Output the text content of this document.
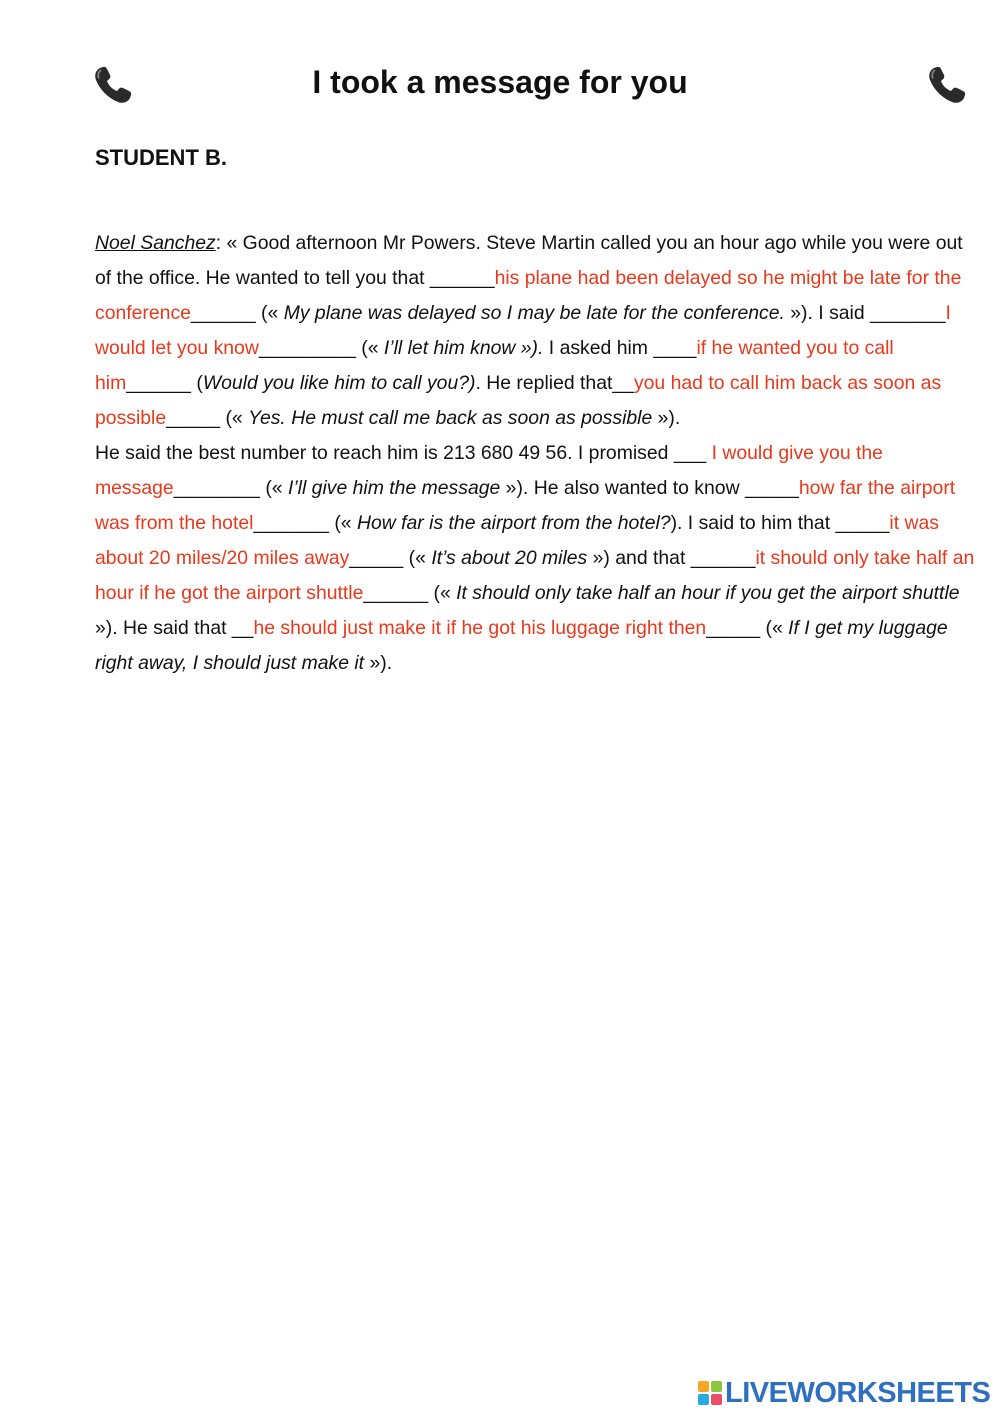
I took a message for you
STUDENT B.

Noel Sanchez: « Good afternoon Mr Powers. Steve Martin called you an hour ago while you were out of the office. He wanted to tell you that ______his plane had been delayed so he might be late for the conference______ (« My plane was delayed so I may be late for the conference. »). I said _______I would let you know_________ (« I’ll let him know »). I asked him ____if he wanted you to call him______ (Would you like him to call you?). He replied that__you had to call him back as soon as possible_____ (« Yes. He must call me back as soon as possible »).
He said the best number to reach him is 213 680 49 56. I promised ___ I would give you the message________ (« I’ll give him the message »). He also wanted to know _____how far the airport was from the hotel_______ (« How far is the airport from the hotel?). I said to him that _____it was about 20 miles/20 miles away_____ (« It’s about 20 miles ») and that ______it should only take half an hour if he got the airport shuttle______ (« It should only take half an hour if you get the airport shuttle »). He said that __he should just make it if he got his luggage right then_____ (« If I get my luggage right away, I should just make it »).

LIVEWORKSHEETS
